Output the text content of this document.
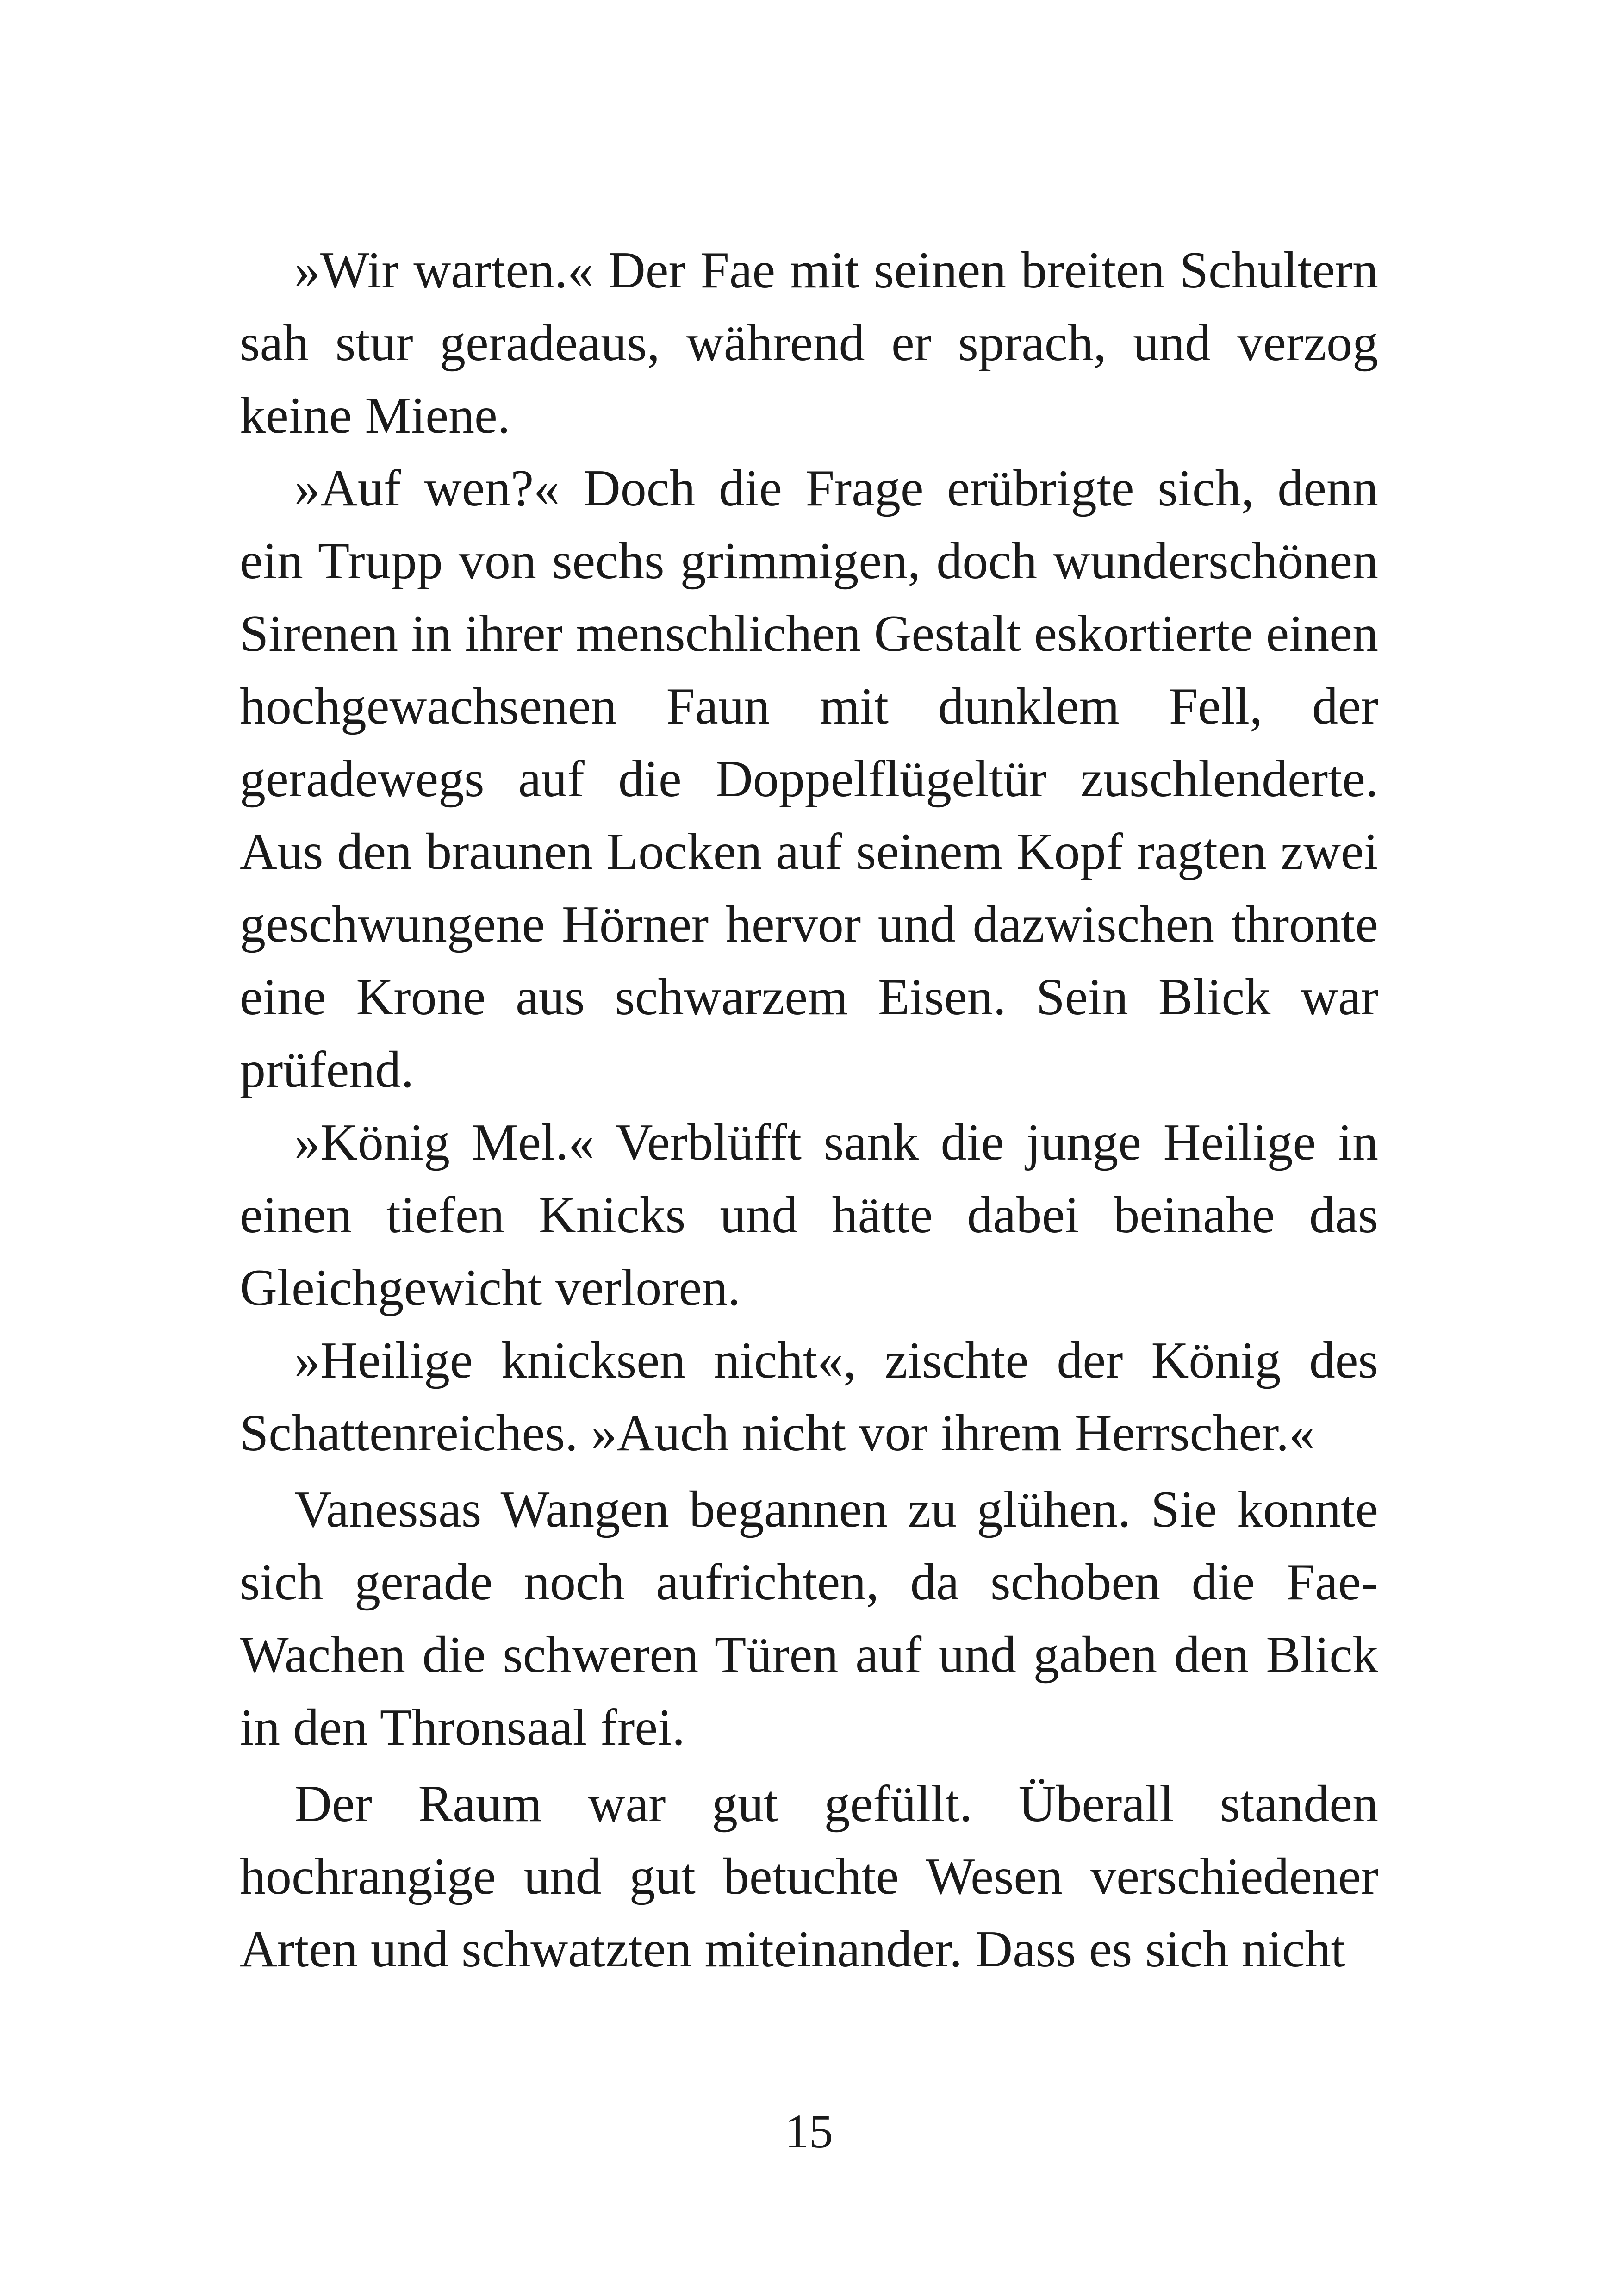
»Wir warten.« Der Fae mit seinen breiten Schultern sah stur geradeaus, während er sprach, und verzog keine Miene.

»Auf wen?« Doch die Frage erübrigte sich, denn ein Trupp von sechs grimmigen, doch wunderschönen Sirenen in ihrer menschlichen Gestalt eskortierte einen hochgewachsenen Faun mit dunklem Fell, der geradewegs auf die Doppelflügeltür zuschlenderte. Aus den braunen Locken auf seinem Kopf ragten zwei geschwungene Hörner hervor und dazwischen thronte eine Krone aus schwarzem Eisen. Sein Blick war prüfend.

»König Mel.« Verblüfft sank die junge Heilige in einen tiefen Knicks und hätte dabei beinahe das Gleichgewicht verloren.

»Heilige knicksen nicht«, zischte der König des Schattenreiches. »Auch nicht vor ihrem Herrscher.«

Vanessas Wangen begannen zu glühen. Sie konnte sich gerade noch aufrichten, da schoben die Fae-Wachen die schweren Türen auf und gaben den Blick in den Thronsaal frei.

Der Raum war gut gefüllt. Überall standen hochrangige und gut betuchte Wesen verschiedener Arten und schwatzten miteinander. Dass es sich nicht

15
